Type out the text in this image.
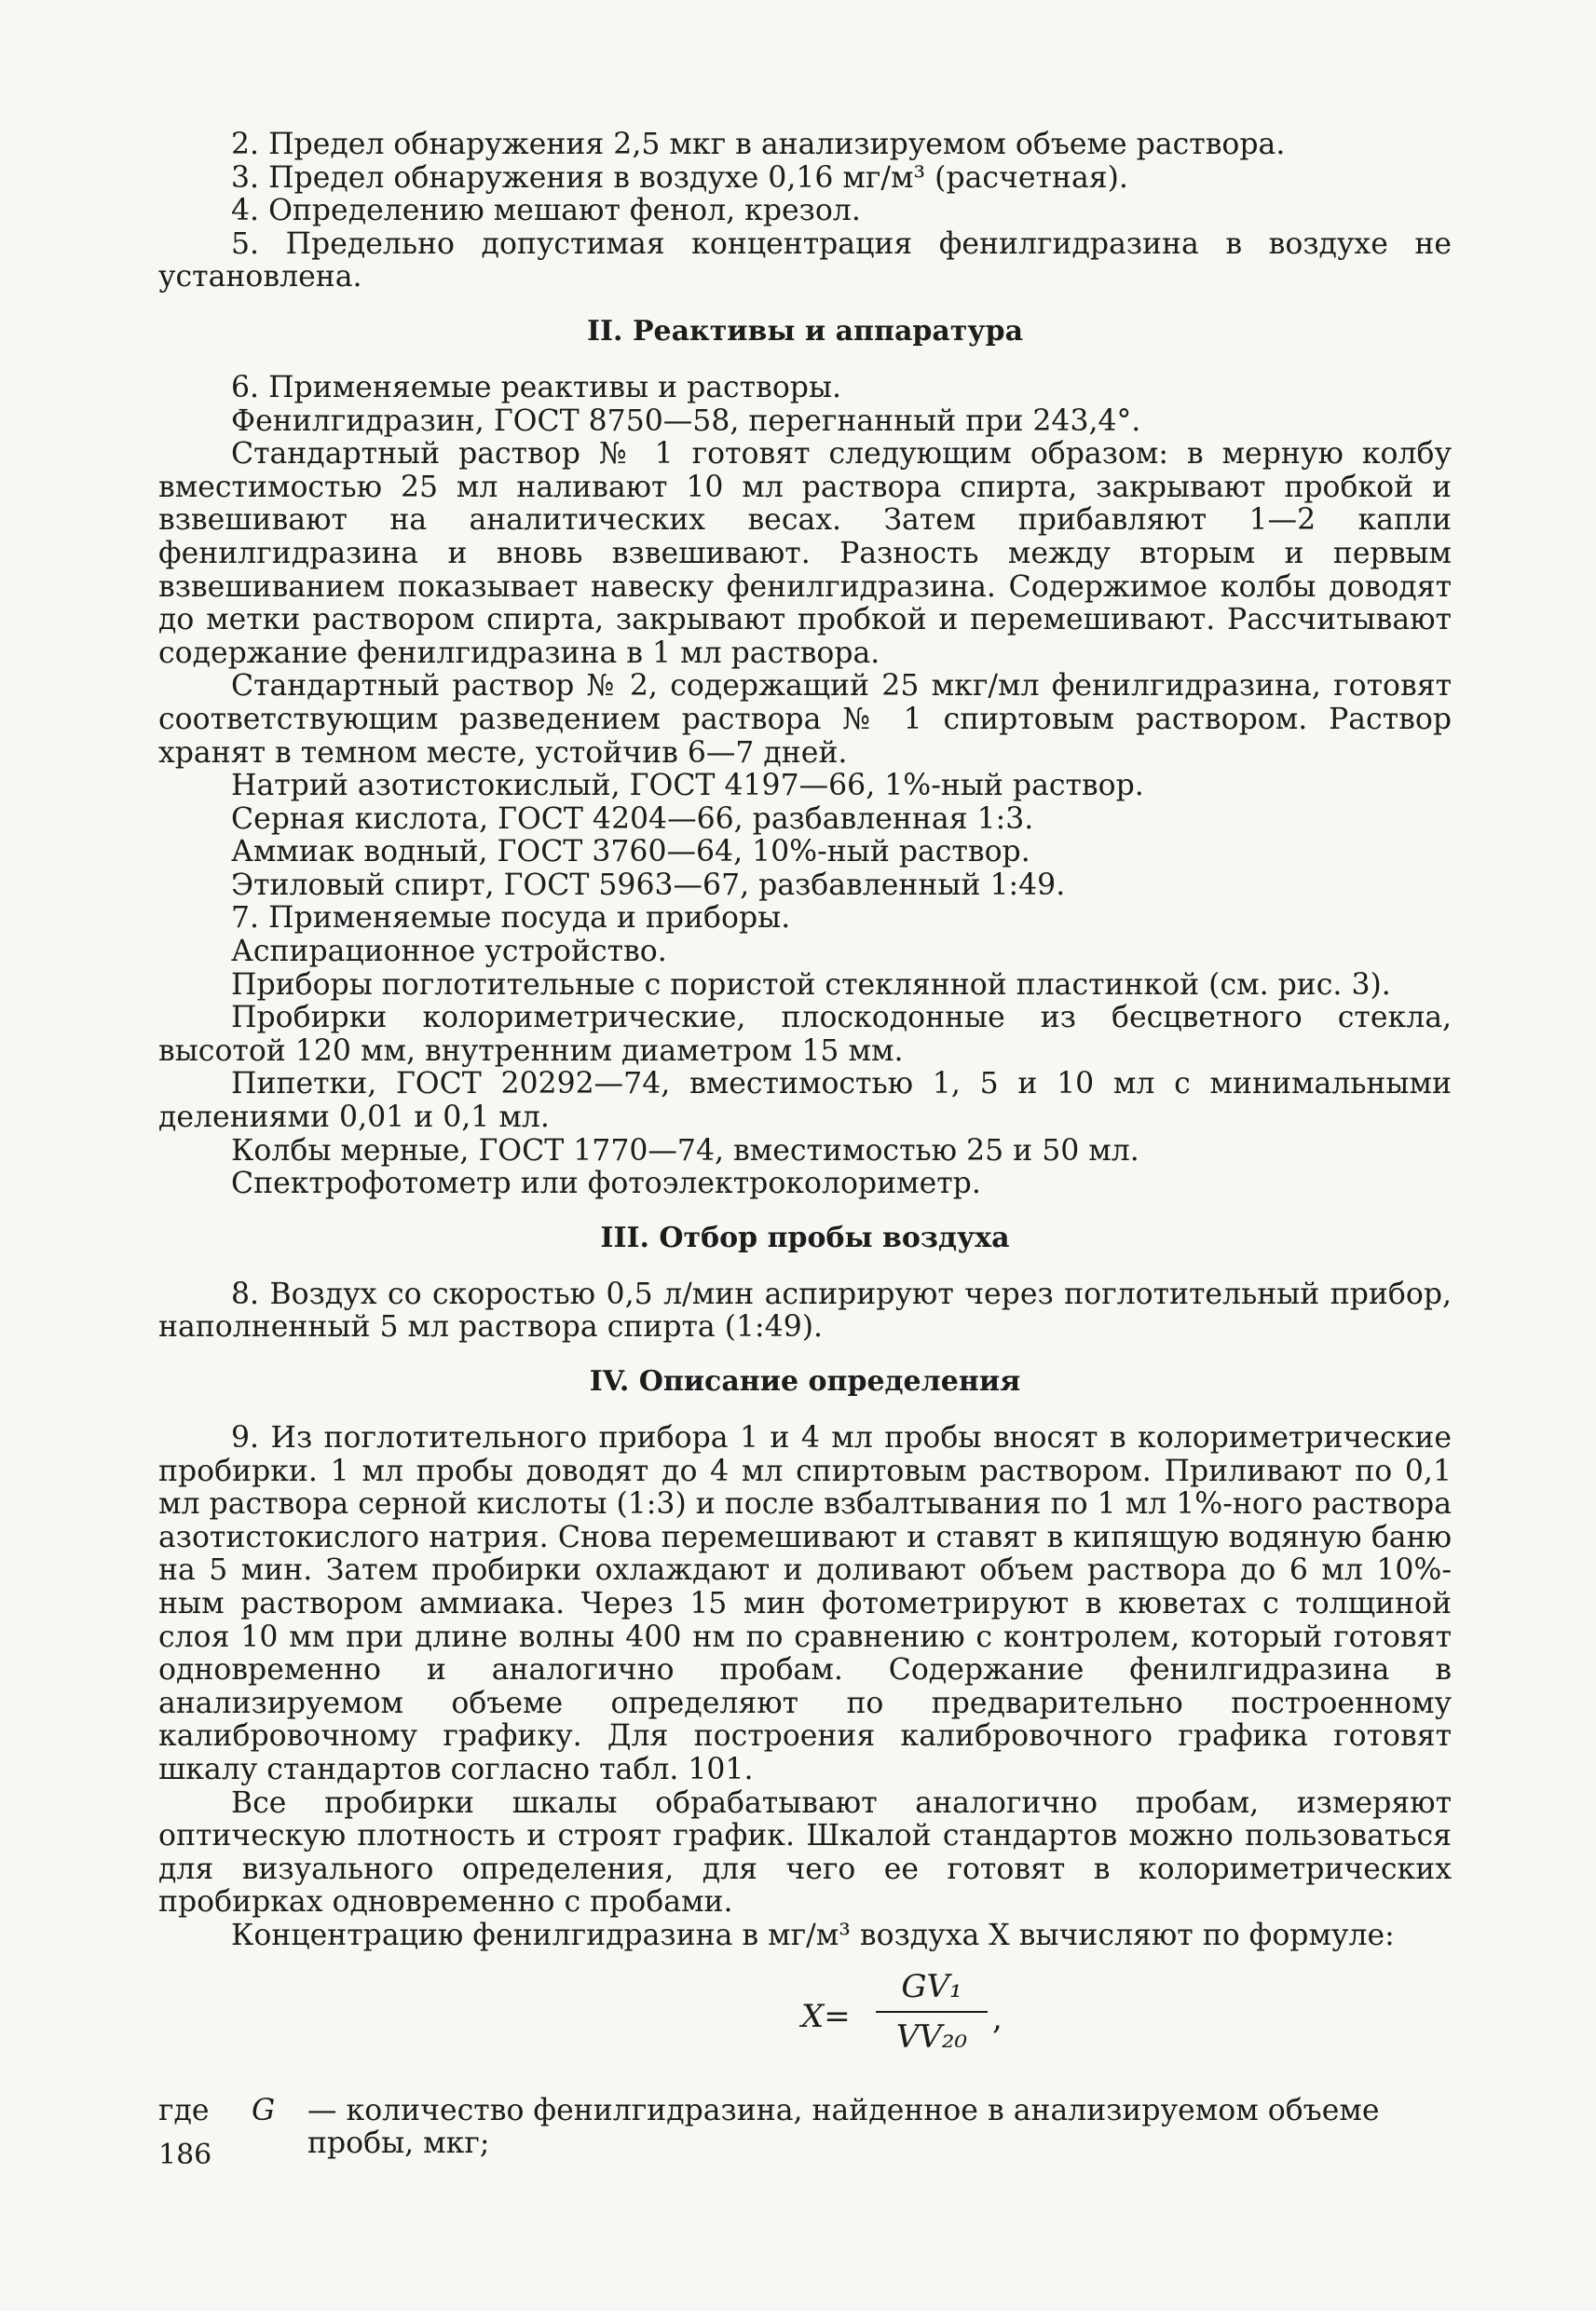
2. Предел обнаружения 2,5 мкг в анализируемом объеме раствора.

3. Предел обнаружения в воздухе 0,16 мг/м³ (расчетная).

4. Определению мешают фенол, крезол.

5. Предельно допустимая концентрация фенилгидразина в воздухе не установлена.

II. Реактивы и аппаратура

6. Применяемые реактивы и растворы.

Фенилгидразин, ГОСТ 8750—58, перегнанный при 243,4°.

Стандартный раствор № 1 готовят следующим образом: в мерную колбу вместимостью 25 мл наливают 10 мл раствора спирта, закрывают пробкой и взвешивают на аналитических весах. Затем прибавляют 1—2 капли фенилгидразина и вновь взвешивают. Разность между вторым и первым взвешиванием показывает навеску фенилгидразина. Содержимое колбы доводят до метки раствором спирта, закрывают пробкой и перемешивают. Рассчитывают содержание фенилгидразина в 1 мл раствора.

Стандартный раствор № 2, содержащий 25 мкг/мл фенилгидразина, готовят соответствующим разведением раствора № 1 спиртовым раствором. Раствор хранят в темном месте, устойчив 6—7 дней.

Натрий азотистокислый, ГОСТ 4197—66, 1%-ный раствор.

Серная кислота, ГОСТ 4204—66, разбавленная 1:3.

Аммиак водный, ГОСТ 3760—64, 10%-ный раствор.

Этиловый спирт, ГОСТ 5963—67, разбавленный 1:49.

7. Применяемые посуда и приборы.

Аспирационное устройство.

Приборы поглотительные с пористой стеклянной пластинкой (см. рис. 3).

Пробирки колориметрические, плоскодонные из бесцветного стекла, высотой 120 мм, внутренним диаметром 15 мм.

Пипетки, ГОСТ 20292—74, вместимостью 1, 5 и 10 мл с минимальными делениями 0,01 и 0,1 мл.

Колбы мерные, ГОСТ 1770—74, вместимостью 25 и 50 мл.

Спектрофотометр или фотоэлектроколориметр.

III. Отбор пробы воздуха

8. Воздух со скоростью 0,5 л/мин аспирируют через поглотительный прибор, наполненный 5 мл раствора спирта (1:49).

IV. Описание определения

9. Из поглотительного прибора 1 и 4 мл пробы вносят в колориметрические пробирки. 1 мл пробы доводят до 4 мл спиртовым раствором. Приливают по 0,1 мл раствора серной кислоты (1:3) и после взбалтывания по 1 мл 1%-ного раствора азотистокислого натрия. Снова перемешивают и ставят в кипящую водяную баню на 5 мин. Затем пробирки охлаждают и доливают объем раствора до 6 мл 10%-ным раствором аммиака. Через 15 мин фотометрируют в кюветах с толщиной слоя 10 мм при длине волны 400 нм по сравнению с контролем, который готовят одновременно и аналогично пробам. Содержание фенилгидразина в анализируемом объеме определяют по предварительно построенному калибровочному графику. Для построения калибровочного графика готовят шкалу стандартов согласно табл. 101.

Все пробирки шкалы обрабатывают аналогично пробам, измеряют оптическую плотность и строят график. Шкалой стандартов можно пользоваться для визуального определения, для чего ее готовят в колориметрических пробирках одновременно с пробами.

Концентрацию фенилгидразина в мг/м³ воздуха X вычисляют по формуле:

X=
GV₁
VV₂₀ ,
где	G	— количество фенилгидразина, найденное в анализируемом объеме пробы, мкг;
186
